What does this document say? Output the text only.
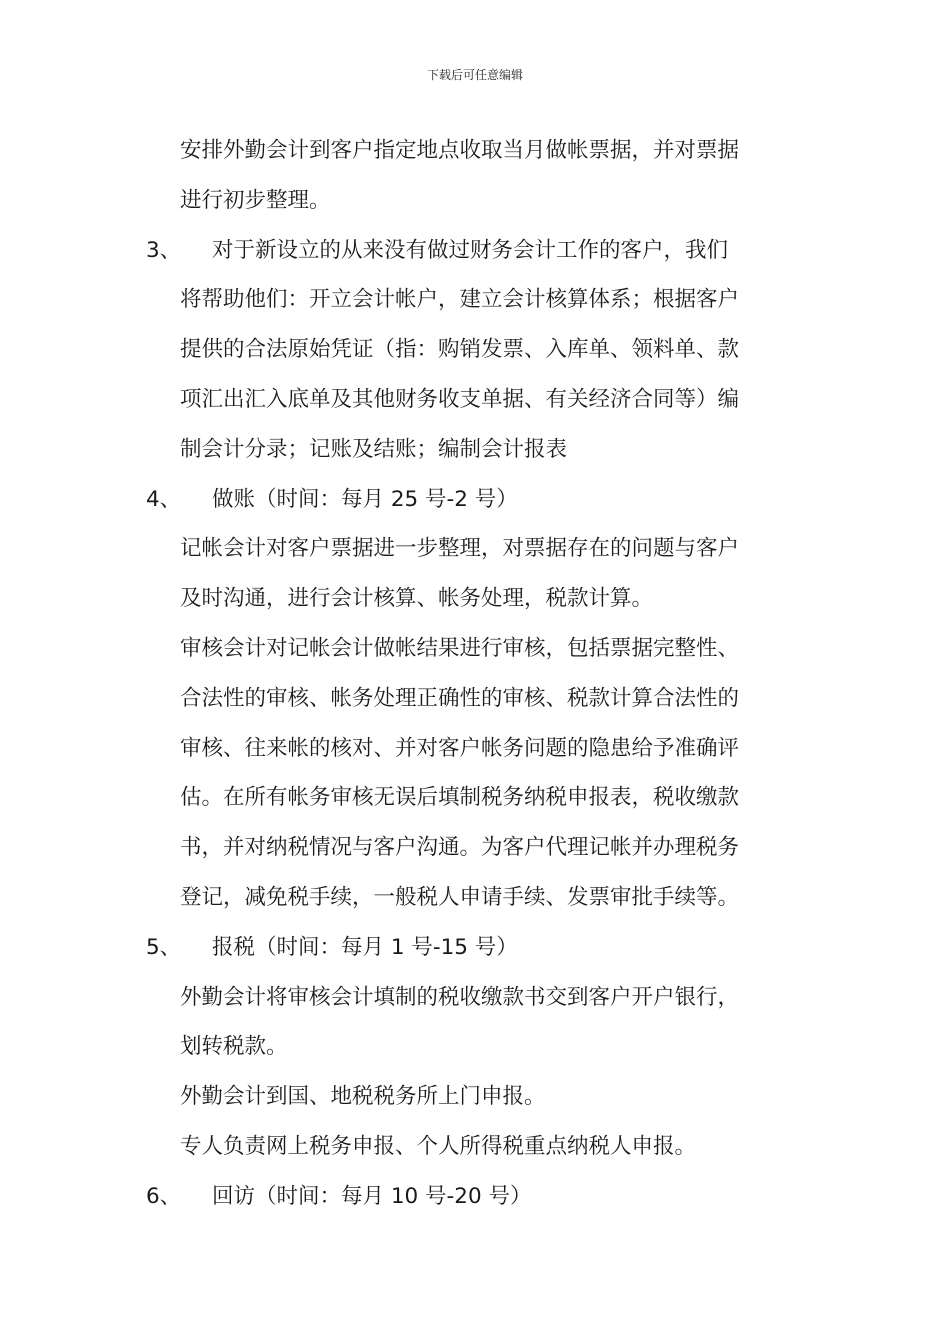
下载后可任意编辑
安排外勤会计到客户指定地点收取当月做帐票据，并对票据
进行初步整理。
3、 对于新设立的从来没有做过财务会计工作的客户，我们
将帮助他们：开立会计帐户，建立会计核算体系；根据客户
提供的合法原始凭证（指：购销发票、入库单、领料单、款
项汇出汇入底单及其他财务收支单据、有关经济合同等）编
制会计分录；记账及结账；编制会计报表
4、 做账（时间：每月 25 号-2 号）
记帐会计对客户票据进一步整理，对票据存在的问题与客户
及时沟通，进行会计核算、帐务处理，税款计算。
审核会计对记帐会计做帐结果进行审核，包括票据完整性、
合法性的审核、帐务处理正确性的审核、税款计算合法性的
审核、往来帐的核对、并对客户帐务问题的隐患给予准确评
估。在所有帐务审核无误后填制税务纳税申报表，税收缴款
书，并对纳税情况与客户沟通。为客户代理记帐并办理税务
登记，减免税手续，一般税人申请手续、发票审批手续等。
5、 报税（时间：每月 1 号-15 号）
外勤会计将审核会计填制的税收缴款书交到客户开户银行，
划转税款。
外勤会计到国、地税税务所上门申报。
专人负责网上税务申报、个人所得税重点纳税人申报。
6、 回访（时间：每月 10 号-20 号）
